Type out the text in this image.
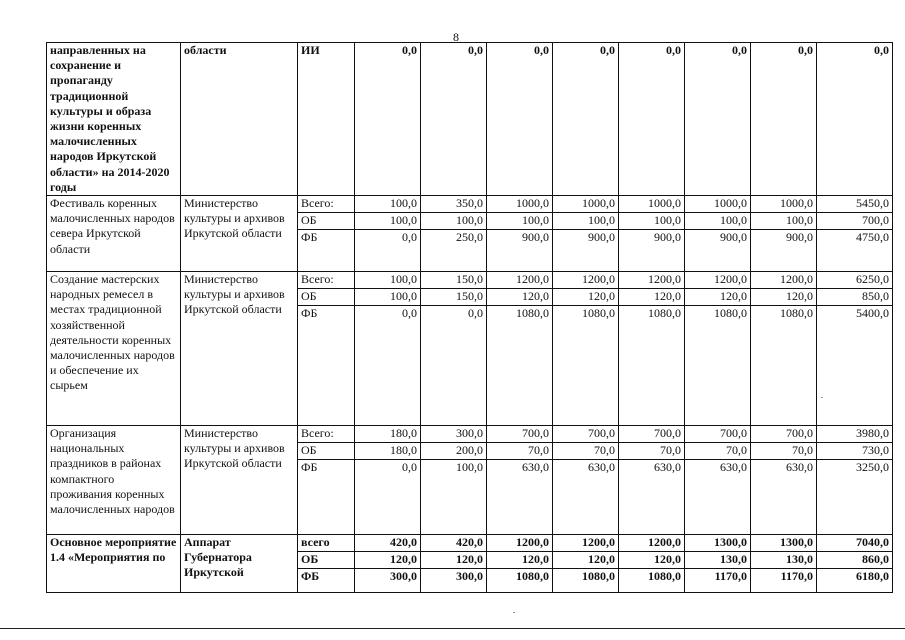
8
направленных на сохранение и пропаганду традиционной культуры и образа жизни коренных малочисленных народов Иркутской области» на 2014-2020 годы	области	ИИ	0,0	0,0	0,0	0,0	0,0	0,0	0,0	0,0
Фестиваль коренных малочисленных народов севера Иркутской области	Министерство культуры и архивов Иркутской области	Всего:	100,0	350,0	1000,0	1000,0	1000,0	1000,0	1000,0	5450,0
		ОБ	100,0	100,0	100,0	100,0	100,0	100,0	100,0	700,0
		ФБ	0,0	250,0	900,0	900,0	900,0	900,0	900,0	4750,0
Создание мастерских народных ремесел в местах традиционной хозяйственной деятельности коренных малочисленных народов и обеспечение их сырьем	Министерство культуры и архивов Иркутской области	Всего:	100,0	150,0	1200,0	1200,0	1200,0	1200,0	1200,0	6250,0
		ОБ	100,0	150,0	120,0	120,0	120,0	120,0	120,0	850,0
		ФБ	0,0	0,0	1080,0	1080,0	1080,0	1080,0	1080,0	5400,0
Организация национальных праздников в районах компактного проживания коренных малочисленных народов	Министерство культуры и архивов Иркутской области	Всего:	180,0	300,0	700,0	700,0	700,0	700,0	700,0	3980,0
		ОБ	180,0	200,0	70,0	70,0	70,0	70,0	70,0	730,0
		ФБ	0,0	100,0	630,0	630,0	630,0	630,0	630,0	3250,0
Основное мероприятие 1.4 «Мероприятия по	Аппарат Губернатора Иркутской	всего	420,0	420,0	1200,0	1200,0	1200,0	1300,0	1300,0	7040,0
		ОБ	120,0	120,0	120,0	120,0	120,0	130,0	130,0	860,0
		ФБ	300,0	300,0	1080,0	1080,0	1080,0	1170,0	1170,0	6180,0
